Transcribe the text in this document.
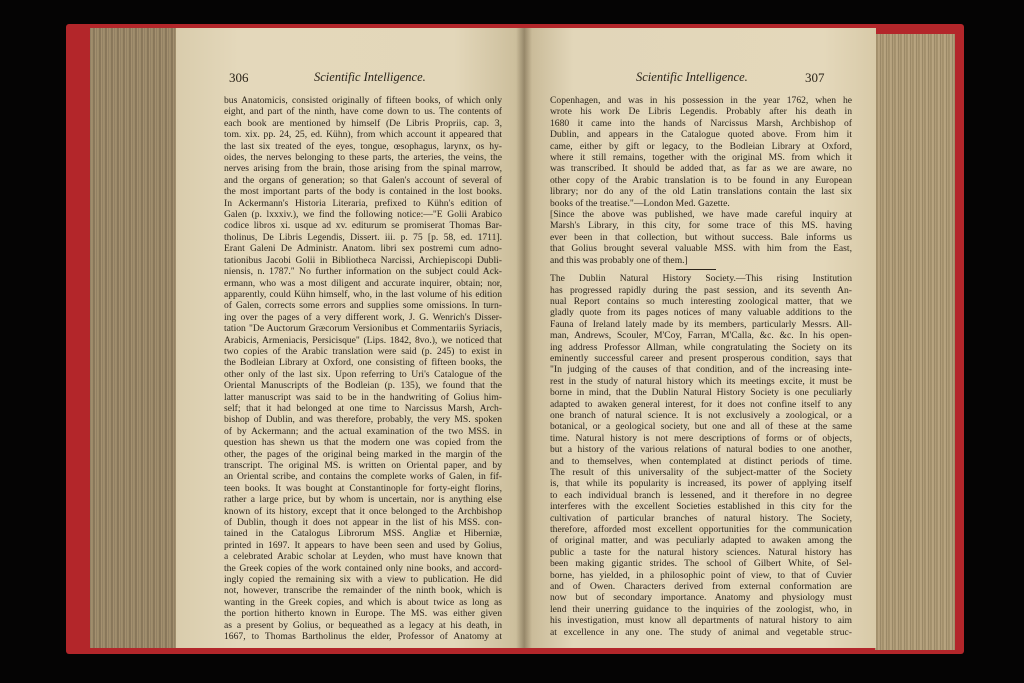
306	Scientific Intelligence.	Scientific Intelligence.	307
bus Anatomicis, consisted originally of fifteen books, of which only
eight, and part of the ninth, have come down to us. The contents of
each book are mentioned by himself (De Libris Propriis, cap. 3,
tom. xix. pp. 24, 25, ed. Kühn), from which account it appeared that
the last six treated of the eyes, tongue, œsophagus, larynx, os hy-
oides, the nerves belonging to these parts, the arteries, the veins, the
nerves arising from the brain, those arising from the spinal marrow,
and the organs of generation; so that Galen's account of several of
the most important parts of the body is contained in the lost books.
In Ackermann's Historia Literaria, prefixed to Kühn's edition of
Galen (p. lxxxiv.), we find the following notice:—"E Golii Arabico
codice libros xi. usque ad xv. editurum se promiserat Thomas Bar-
tholinus, De Libris Legendis, Dissert. iii. p. 75 [p. 58, ed. 1711].
Erant Galeni De Administr. Anatom. libri sex postremi cum adno-
tationibus Jacobi Golii in Bibliotheca Narcissi, Archiepiscopi Dubli-
niensis, n. 1787." No further information on the subject could Ack-
ermann, who was a most diligent and accurate inquirer, obtain; nor,
apparently, could Kühn himself, who, in the last volume of his edition
of Galen, corrects some errors and supplies some omissions. In turn-
ing over the pages of a very different work, J. G. Wenrich's Disser-
tation "De Auctorum Græcorum Versionibus et Commentariis Syriacis,
Arabicis, Armeniacis, Persicisque" (Lips. 1842, 8vo.), we noticed that
two copies of the Arabic translation were said (p. 245) to exist in
the Bodleian Library at Oxford, one consisting of fifteen books, the
other only of the last six. Upon referring to Uri's Catalogue of the
Oriental Manuscripts of the Bodleian (p. 135), we found that the
latter manuscript was said to be in the handwriting of Golius him-
self; that it had belonged at one time to Narcissus Marsh, Arch-
bishop of Dublin, and was therefore, probably, the very MS. spoken
of by Ackermann; and the actual examination of the two MSS. in
question has shewn us that the modern one was copied from the
other, the pages of the original being marked in the margin of the
transcript. The original MS. is written on Oriental paper, and by
an Oriental scribe, and contains the complete works of Galen, in fif-
teen books. It was bought at Constantinople for forty-eight florins,
rather a large price, but by whom is uncertain, nor is anything else
known of its history, except that it once belonged to the Archbishop
of Dublin, though it does not appear in the list of his MSS. con-
tained in the Catalogus Librorum MSS. Angliæ et Hiberniæ,
printed in 1697. It appears to have been seen and used by Golius,
a celebrated Arabic scholar at Leyden, who must have known that
the Greek copies of the work contained only nine books, and accord-
ingly copied the remaining six with a view to publication. He did
not, however, transcribe the remainder of the ninth book, which is
wanting in the Greek copies, and which is about twice as long as
the portion hitherto known in Europe. The MS. was either given
as a present by Golius, or bequeathed as a legacy at his death, in
1667, to Thomas Bartholinus the elder, Professor of Anatomy at
Copenhagen, and was in his possession in the year 1762, when he
wrote his work De Libris Legendis. Probably after his death in
1680 it came into the hands of Narcissus Marsh, Archbishop of
Dublin, and appears in the Catalogue quoted above. From him it
came, either by gift or legacy, to the Bodleian Library at Oxford,
where it still remains, together with the original MS. from which it
was transcribed. It should be added that, as far as we are aware, no
other copy of the Arabic translation is to be found in any European
library; nor do any of the old Latin translations contain the last six
books of the treatise."—London Med. Gazette.
[Since the above was published, we have made careful inquiry at
Marsh's Library, in this city, for some trace of this MS. having
ever been in that collection, but without success. Bale informs us
that Golius brought several valuable MSS. with him from the East,
and this was probably one of them.]
The Dublin Natural History Society.—This rising Institution
has progressed rapidly during the past session, and its seventh An-
nual Report contains so much interesting zoological matter, that we
gladly quote from its pages notices of many valuable additions to the
Fauna of Ireland lately made by its members, particularly Messrs. All-
man, Andrews, Scouler, M'Coy, Farran, M'Calla, &c. &c. In his open-
ing address Professor Allman, while congratulating the Society on its
eminently successful career and present prosperous condition, says that
"In judging of the causes of that condition, and of the increasing inte-
rest in the study of natural history which its meetings excite, it must be
borne in mind, that the Dublin Natural History Society is one peculiarly
adapted to awaken general interest, for it does not confine itself to any
one branch of natural science. It is not exclusively a zoological, or a
botanical, or a geological society, but one and all of these at the same
time. Natural history is not mere descriptions of forms or of objects,
but a history of the various relations of natural bodies to one another,
and to themselves, when contemplated at distinct periods of time.
The result of this universality of the subject-matter of the Society
is, that while its popularity is increased, its power of applying itself
to each individual branch is lessened, and it therefore in no degree
interferes with the excellent Societies established in this city for the
cultivation of particular branches of natural history. The Society,
therefore, afforded most excellent opportunities for the communication
of original matter, and was peculiarly adapted to awaken among the
public a taste for the natural history sciences. Natural history has
been making gigantic strides. The school of Gilbert White, of Sel-
borne, has yielded, in a philosophic point of view, to that of Cuvier
and of Owen. Characters derived from external conformation are
now but of secondary importance. Anatomy and physiology must
lend their unerring guidance to the inquiries of the zoologist, who, in
his investigation, must know all departments of natural history to aim
at excellence in any one. The study of animal and vegetable struc-
